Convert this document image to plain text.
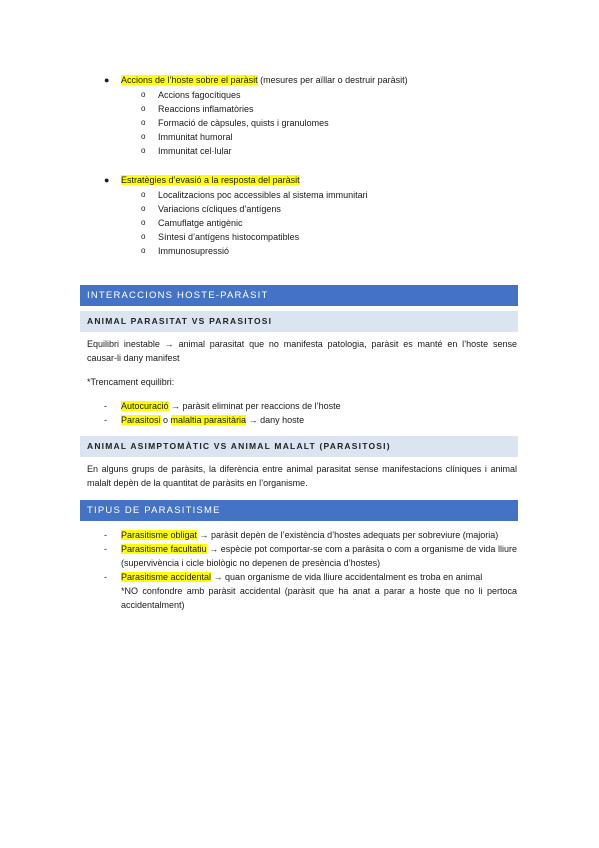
● Accions de l’hoste sobre el paràsit (mesures per aïllar o destruir paràsit)
o Accions fagocítiques
o Reaccions inflamatòries
o Formació de càpsules, quists i granulomes
o Immunitat humoral
o Immunitat cel·lular
● Estratègies d’evasió a la resposta del paràsit
o Localitzacions poc accessibles al sistema immunitari
o Variacions cícliques d’antígens
o Camuflatge antigènic
o Síntesi d’antígens histocompatibles
o Immunosupressió
INTERACCIONS HOSTE-PARÀSIT
ANIMAL PARASITAT VS PARASITOSI
Equilibri inestable → animal parasitat que no manifesta patologia, paràsit es manté en l’hoste sense causar-li dany manifest
*Trencament equilibri:
- Autocuració → paràsit eliminat per reaccions de l’hoste
- Parasitosi o malaltia parasitària → dany hoste
ANIMAL ASIMPTOMÀTIC VS ANIMAL MALALT (PARASITOSI)
En alguns grups de paràsits, la diferència entre animal parasitat sense manifestacions clíniques i animal malalt depèn de la quantitat de paràsits en l’organisme.
TIPUS DE PARASITISME
- Parasitisme obligat → paràsit depèn de l’existència d’hostes adequats per sobreviure (majoria)
- Parasitisme facultatiu → espècie pot comportar-se com a paràsita o com a organisme de vida lliure (supervivència i cicle biològic no depenen de presència d’hostes)
- Parasitisme accidental → quan organisme de vida lliure accidentalment es troba en animal
*NO confondre amb paràsit accidental (paràsit que ha anat a parar a hoste que no li pertoca accidentalment)
